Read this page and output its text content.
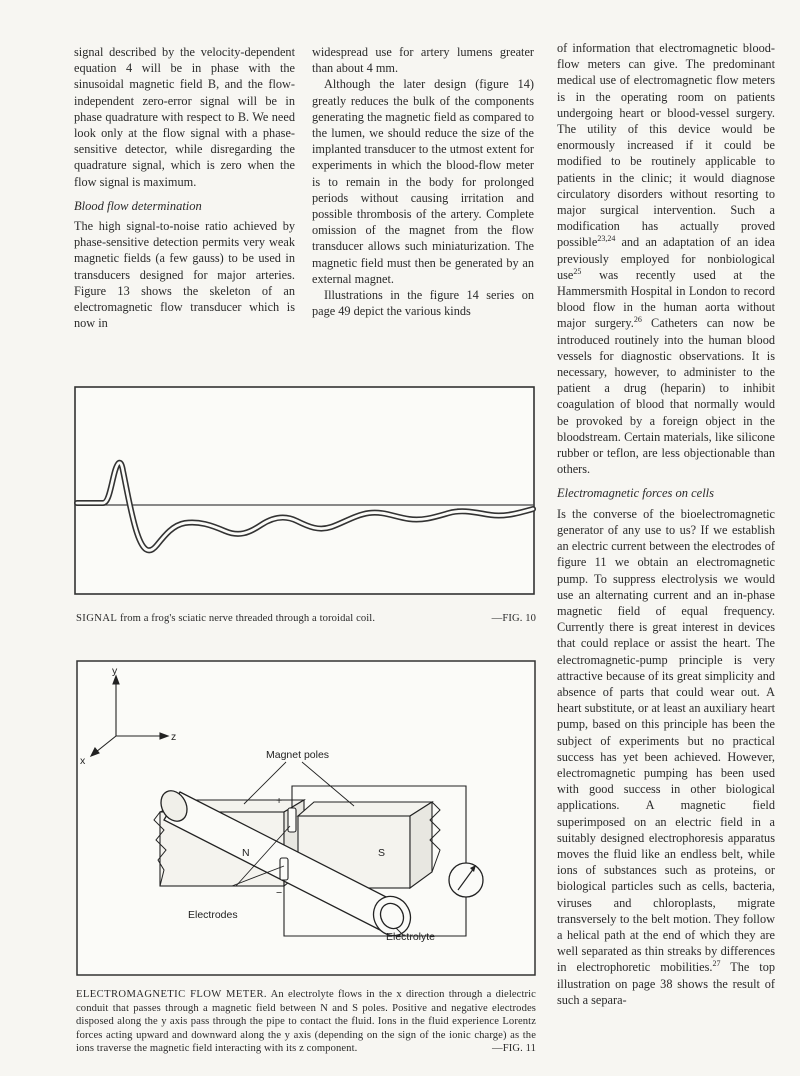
signal described by the velocity-dependent equation 4 will be in phase with the sinusoidal magnetic field B, and the flow-independent zero-error signal will be in phase quadrature with respect to B. We need look only at the flow signal with a phase-sensitive detector, while disregarding the quadrature signal, which is zero when the flow signal is maximum.

Blood flow determination

The high signal-to-noise ratio achieved by phase-sensitive detection permits very weak magnetic fields (a few gauss) to be used in transducers designed for major arteries. Figure 13 shows the skeleton of an electromagnetic flow transducer which is now in

widespread use for artery lumens greater than about 4 mm.

Although the later design (figure 14) greatly reduces the bulk of the components generating the magnetic field as compared to the lumen, we should reduce the size of the implanted transducer to the utmost extent for experiments in which the blood-flow meter is to remain in the body for prolonged periods without causing irritation and possible thrombosis of the artery. Complete omission of the magnet from the flow transducer allows such miniaturization. The magnetic field must then be generated by an external magnet.

Illustrations in the figure 14 series on page 49 depict the various kinds

of information that electromagnetic blood-flow meters can give. The predominant medical use of electromagnetic flow meters is in the operating room on patients undergoing heart or blood-vessel surgery. The utility of this device would be enormously increased if it could be modified to be routinely applicable to patients in the clinic; it would diagnose circulatory disorders without resorting to major surgical intervention. Such a modification has actually proved possible$^{23,24}$ and an adaptation of an idea previously employed for nonbiological use$^{25}$ was recently used at the Hammersmith Hospital in London to record blood flow in the human aorta without major surgery.$^{26}$ Catheters can now be introduced routinely into the human blood vessels for diagnostic observations. It is necessary, however, to administer to the patient a drug (heparin) to inhibit coagulation of blood that normally would be provoked by a foreign object in the bloodstream. Certain materials, like silicone rubber or teflon, are less objectionable than others.

Electromagnetic forces on cells

Is the converse of the bioelectromagnetic generator of any use to us? If we establish an electric current between the electrodes of figure 11 we obtain an electromagnetic pump. To suppress electrolysis we would use an alternating current and an in-phase magnetic field of equal frequency. Currently there is great interest in devices that could replace or assist the heart. The electromagnetic-pump principle is very attractive because of its great simplicity and absence of parts that could wear out. A heart substitute, or at least an auxiliary heart pump, based on this principle has been the subject of experiments but no practical success has yet been achieved. However, electromagnetic pumping has been used with good success in other biological applications. A magnetic field superimposed on an electric field in a suitably designed electrophoresis apparatus moves the fluid like an endless belt, while ions of substances such as proteins, or biological particles such as cells, bacteria, viruses and chloroplasts, migrate transversely to the belt motion. They follow a helical path at the end of which they are well separated as thin streaks by differences in electrophoretic mobilities.$^{27}$ The top illustration on page 38 shows the result of such a separa-

SIGNAL from a frog's sciatic nerve threaded through a toroidal coil.	—FIG. 10
y
z
x
+
−
Magnet poles
N	S
Electrodes
Electrolyte
ELECTROMAGNETIC FLOW METER. An electrolyte flows in the x direction through a dielectric conduit that passes through a magnetic field between N and S poles. Positive and negative electrodes disposed along the y axis pass through the pipe to contact the fluid. Ions in the fluid experience Lorentz forces acting upward and downward along the y axis (depending on the sign of the ionic charge) as the ions traverse the magnetic field interacting with its z component.	—FIG. 11
